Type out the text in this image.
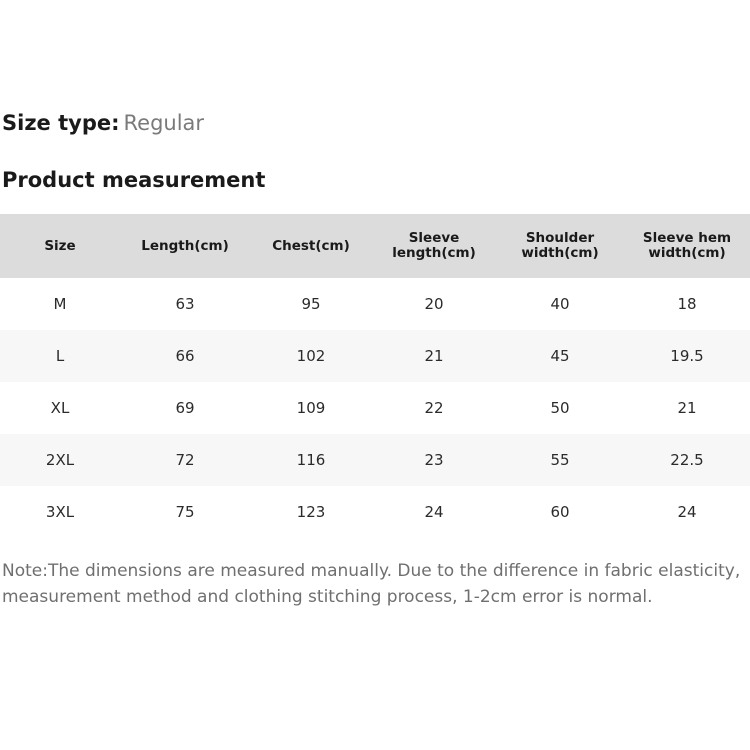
Size type: Regular
Product measurement
Size	Length(cm)	Chest(cm)	Sleeve length(cm)	Shoulder width(cm)	Sleeve hem width(cm)
M	63	95	20	40	18
L	66	102	21	45	19.5
XL	69	109	22	50	21
2XL	72	116	23	55	22.5
3XL	75	123	24	60	24
Note:The dimensions are measured manually. Due to the difference in fabric elasticity, measurement method and clothing stitching process, 1-2cm error is normal.
